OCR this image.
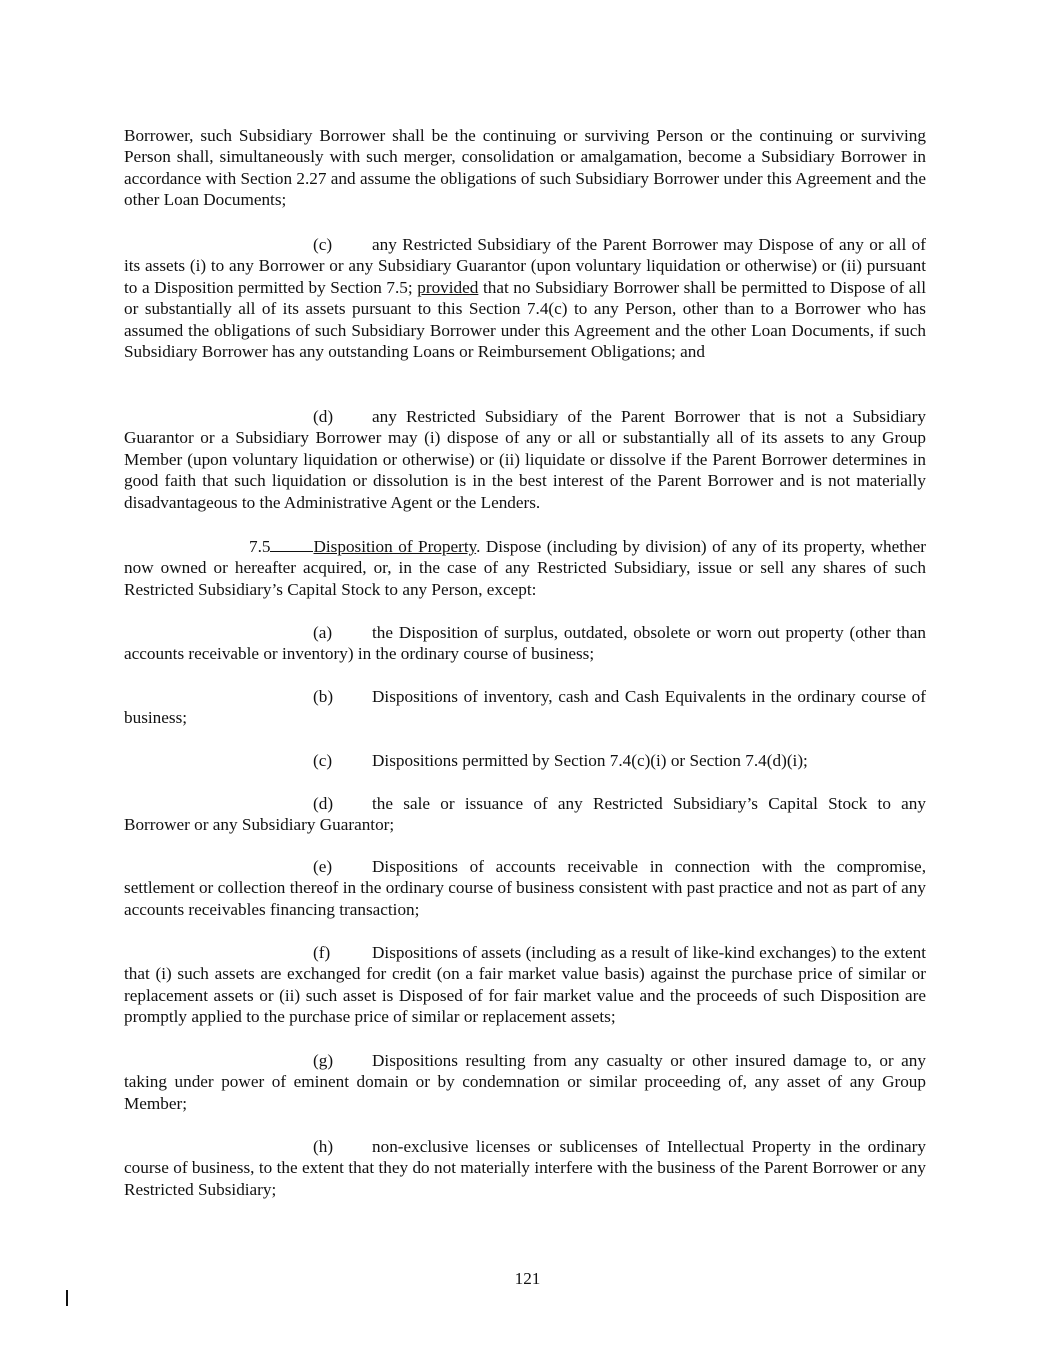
Borrower, such Subsidiary Borrower shall be the continuing or surviving Person or the continuing or surviving Person shall, simultaneously with such merger, consolidation or amalgamation, become a Subsidiary Borrower in accordance with Section 2.27 and assume the obligations of such Subsidiary Borrower under this Agreement and the other Loan Documents;

(c) any Restricted Subsidiary of the Parent Borrower may Dispose of any or all of its assets (i) to any Borrower or any Subsidiary Guarantor (upon voluntary liquidation or otherwise) or (ii) pursuant to a Disposition permitted by Section 7.5; provided that no Subsidiary Borrower shall be permitted to Dispose of all or substantially all of its assets pursuant to this Section 7.4(c) to any Person, other than to a Borrower who has assumed the obligations of such Subsidiary Borrower under this Agreement and the other Loan Documents, if such Subsidiary Borrower has any outstanding Loans or Reimbursement Obligations; and

(d) any Restricted Subsidiary of the Parent Borrower that is not a Subsidiary Guarantor or a Subsidiary Borrower may (i) dispose of any or all or substantially all of its assets to any Group Member (upon voluntary liquidation or otherwise) or (ii) liquidate or dissolve if the Parent Borrower determines in good faith that such liquidation or dissolution is in the best interest of the Parent Borrower and is not materially disadvantageous to the Administrative Agent or the Lenders.

7.5	Disposition of Property. Dispose (including by division) of any of its property, whether now owned or hereafter acquired, or, in the case of any Restricted Subsidiary, issue or sell any shares of such Restricted Subsidiary’s Capital Stock to any Person, except:

(a) the Disposition of surplus, outdated, obsolete or worn out property (other than accounts receivable or inventory) in the ordinary course of business;

(b) Dispositions of inventory, cash and Cash Equivalents in the ordinary course of business;

(c) Dispositions permitted by Section 7.4(c)(i) or Section 7.4(d)(i);

(d) the sale or issuance of any Restricted Subsidiary’s Capital Stock to any Borrower or any Subsidiary Guarantor;

(e) Dispositions of accounts receivable in connection with the compromise, settlement or collection thereof in the ordinary course of business consistent with past practice and not as part of any accounts receivables financing transaction;

(f) Dispositions of assets (including as a result of like-kind exchanges) to the extent that (i) such assets are exchanged for credit (on a fair market value basis) against the purchase price of similar or replacement assets or (ii) such asset is Disposed of for fair market value and the proceeds of such Disposition are promptly applied to the purchase price of similar or replacement assets;

(g) Dispositions resulting from any casualty or other insured damage to, or any taking under power of eminent domain or by condemnation or similar proceeding of, any asset of any Group Member;

(h) non-exclusive licenses or sublicenses of Intellectual Property in the ordinary course of business, to the extent that they do not materially interfere with the business of the Parent Borrower or any Restricted Subsidiary;

121
